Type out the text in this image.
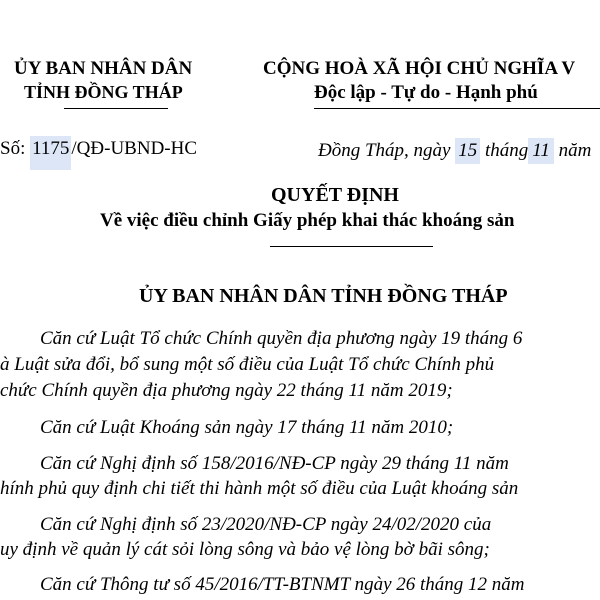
ỦY BAN NHÂN DÂN
TỈNH ĐỒNG THÁP
CỘNG HOÀ XÃ HỘI CHỦ NGHĨA V
Độc lập - Tự do - Hạnh phú
Số: 1175 /QĐ-UBND-HC	Đồng Tháp, ngày 15 tháng 11 năm
QUYẾT ĐỊNH
Về việc điều chỉnh Giấy phép khai thác khoáng sản
ỦY BAN NHÂN DÂN TỈNH ĐỒNG THÁP
Căn cứ Luật Tổ chức Chính quyền địa phương ngày 19 tháng 6
à Luật sửa đổi, bổ sung một số điều của Luật Tổ chức Chính phủ
chức Chính quyền địa phương ngày 22 tháng 11 năm 2019;
Căn cứ Luật Khoáng sản ngày 17 tháng 11 năm 2010;
Căn cứ Nghị định số 158/2016/NĐ-CP ngày 29 tháng 11 năm
hính phủ quy định chi tiết thi hành một số điều của Luật khoáng sản
Căn cứ Nghị định số 23/2020/NĐ-CP ngày 24/02/2020 của
uy định về quản lý cát sỏi lòng sông và bảo vệ lòng bờ bãi sông;
Căn cứ Thông tư số 45/2016/TT-BTNMT ngày 26 tháng 12 năm
